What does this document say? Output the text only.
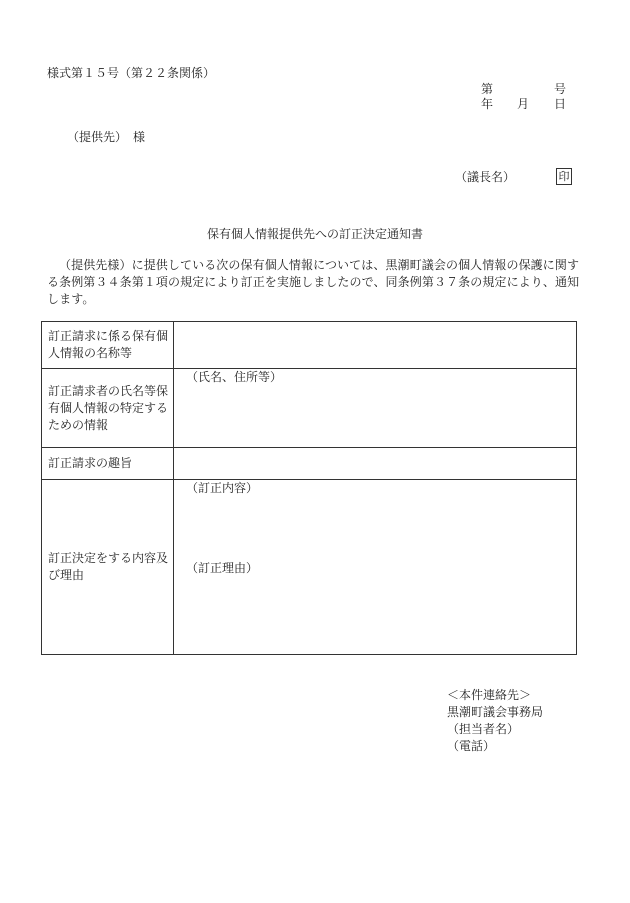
様式第１５号（第２２条関係）
第	号
年 月 日
（提供先）　様
（議長名）	印
保有個人情報提供先への訂正決定通知書
（提供先様）に提供している次の保有個人情報については、黒潮町議会の個人情報の保護に関する条例第３４条第１項の規定により訂正を実施しましたので、同条例第３７条の規定により、通知します。
訂正請求に係る保有個人情報の名称等	
訂正請求者の氏名等保有個人情報の特定するための情報	（氏名、住所等）
訂正請求の趣旨	
訂正決定をする内容及び理由	（訂正内容）
（訂正理由）
＜本件連絡先＞
黒潮町議会事務局
（担当者名）
（電話）
